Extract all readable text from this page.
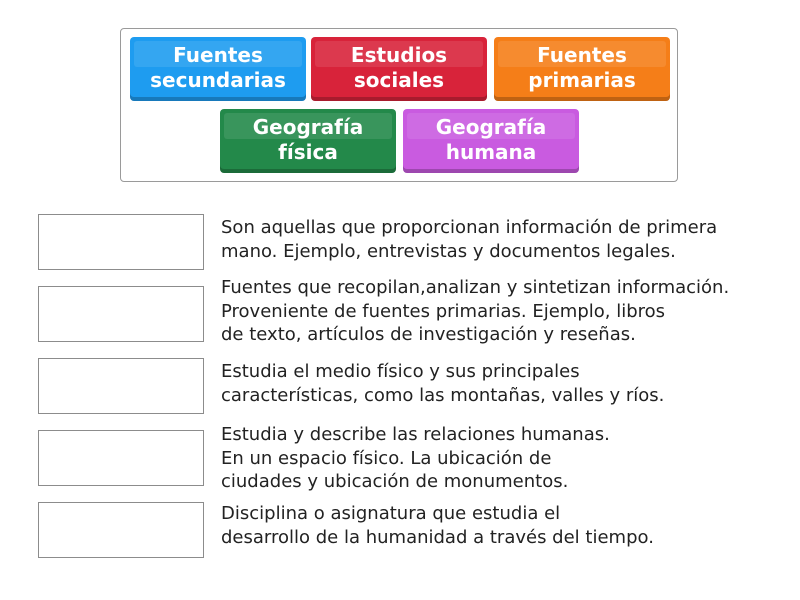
Fuentes
secundarias
Estudios
sociales
Fuentes
primarias
Geografía
física
Geografía
humana
Son aquellas que proporcionan información de primera
mano. Ejemplo, entrevistas y documentos legales.
Fuentes que recopilan,analizan y sintetizan información.
Proveniente de fuentes primarias. Ejemplo, libros
de texto, artículos de investigación y reseñas.
Estudia el medio físico y sus principales
características, como las montañas, valles y ríos.
Estudia y describe las relaciones humanas.
En un espacio físico. La ubicación de
ciudades y ubicación de monumentos.
Disciplina o asignatura que estudia el
desarrollo de la humanidad a través del tiempo.
